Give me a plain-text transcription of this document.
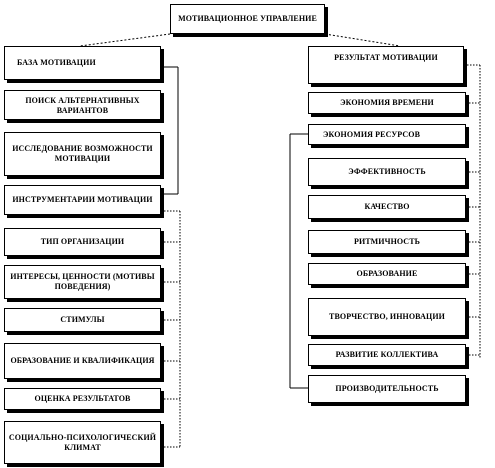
МОТИВАЦИОННОЕ УПРАВЛЕНИЕ
БАЗА МОТИВАЦИИ
ПОИСК АЛЬТЕРНАТИВНЫХ ВАРИАНТОВ
ИССЛЕДОВАНИЕ ВОЗМОЖНОСТИ МОТИВАЦИИ
ИНСТРУМЕНТАРИИ МОТИВАЦИИ
ТИП ОРГАНИЗАЦИИ
ИНТЕРЕСЫ, ЦЕННОСТИ (МОТИВЫ ПОВЕДЕНИЯ)
СТИМУЛЫ
ОБРАЗОВАНИЕ И КВАЛИФИКАЦИЯ
ОЦЕНКА РЕЗУЛЬТАТОВ
СОЦИАЛЬНО-ПСИХОЛОГИЧЕСКИЙ КЛИМАТ
РЕЗУЛЬТАТ МОТИВАЦИИ
ЭКОНОМИЯ ВРЕМЕНИ
ЭКОНОМИЯ РЕСУРСОВ
ЭФФЕКТИВНОСТЬ
КАЧЕСТВО
РИТМИЧНОСТЬ
ОБРАЗОВАНИЕ
ТВОРЧЕСТВО, ИННОВАЦИИ
РАЗВИТИЕ КОЛЛЕКТИВА
ПРОИЗВОДИТЕЛЬНОСТЬ
